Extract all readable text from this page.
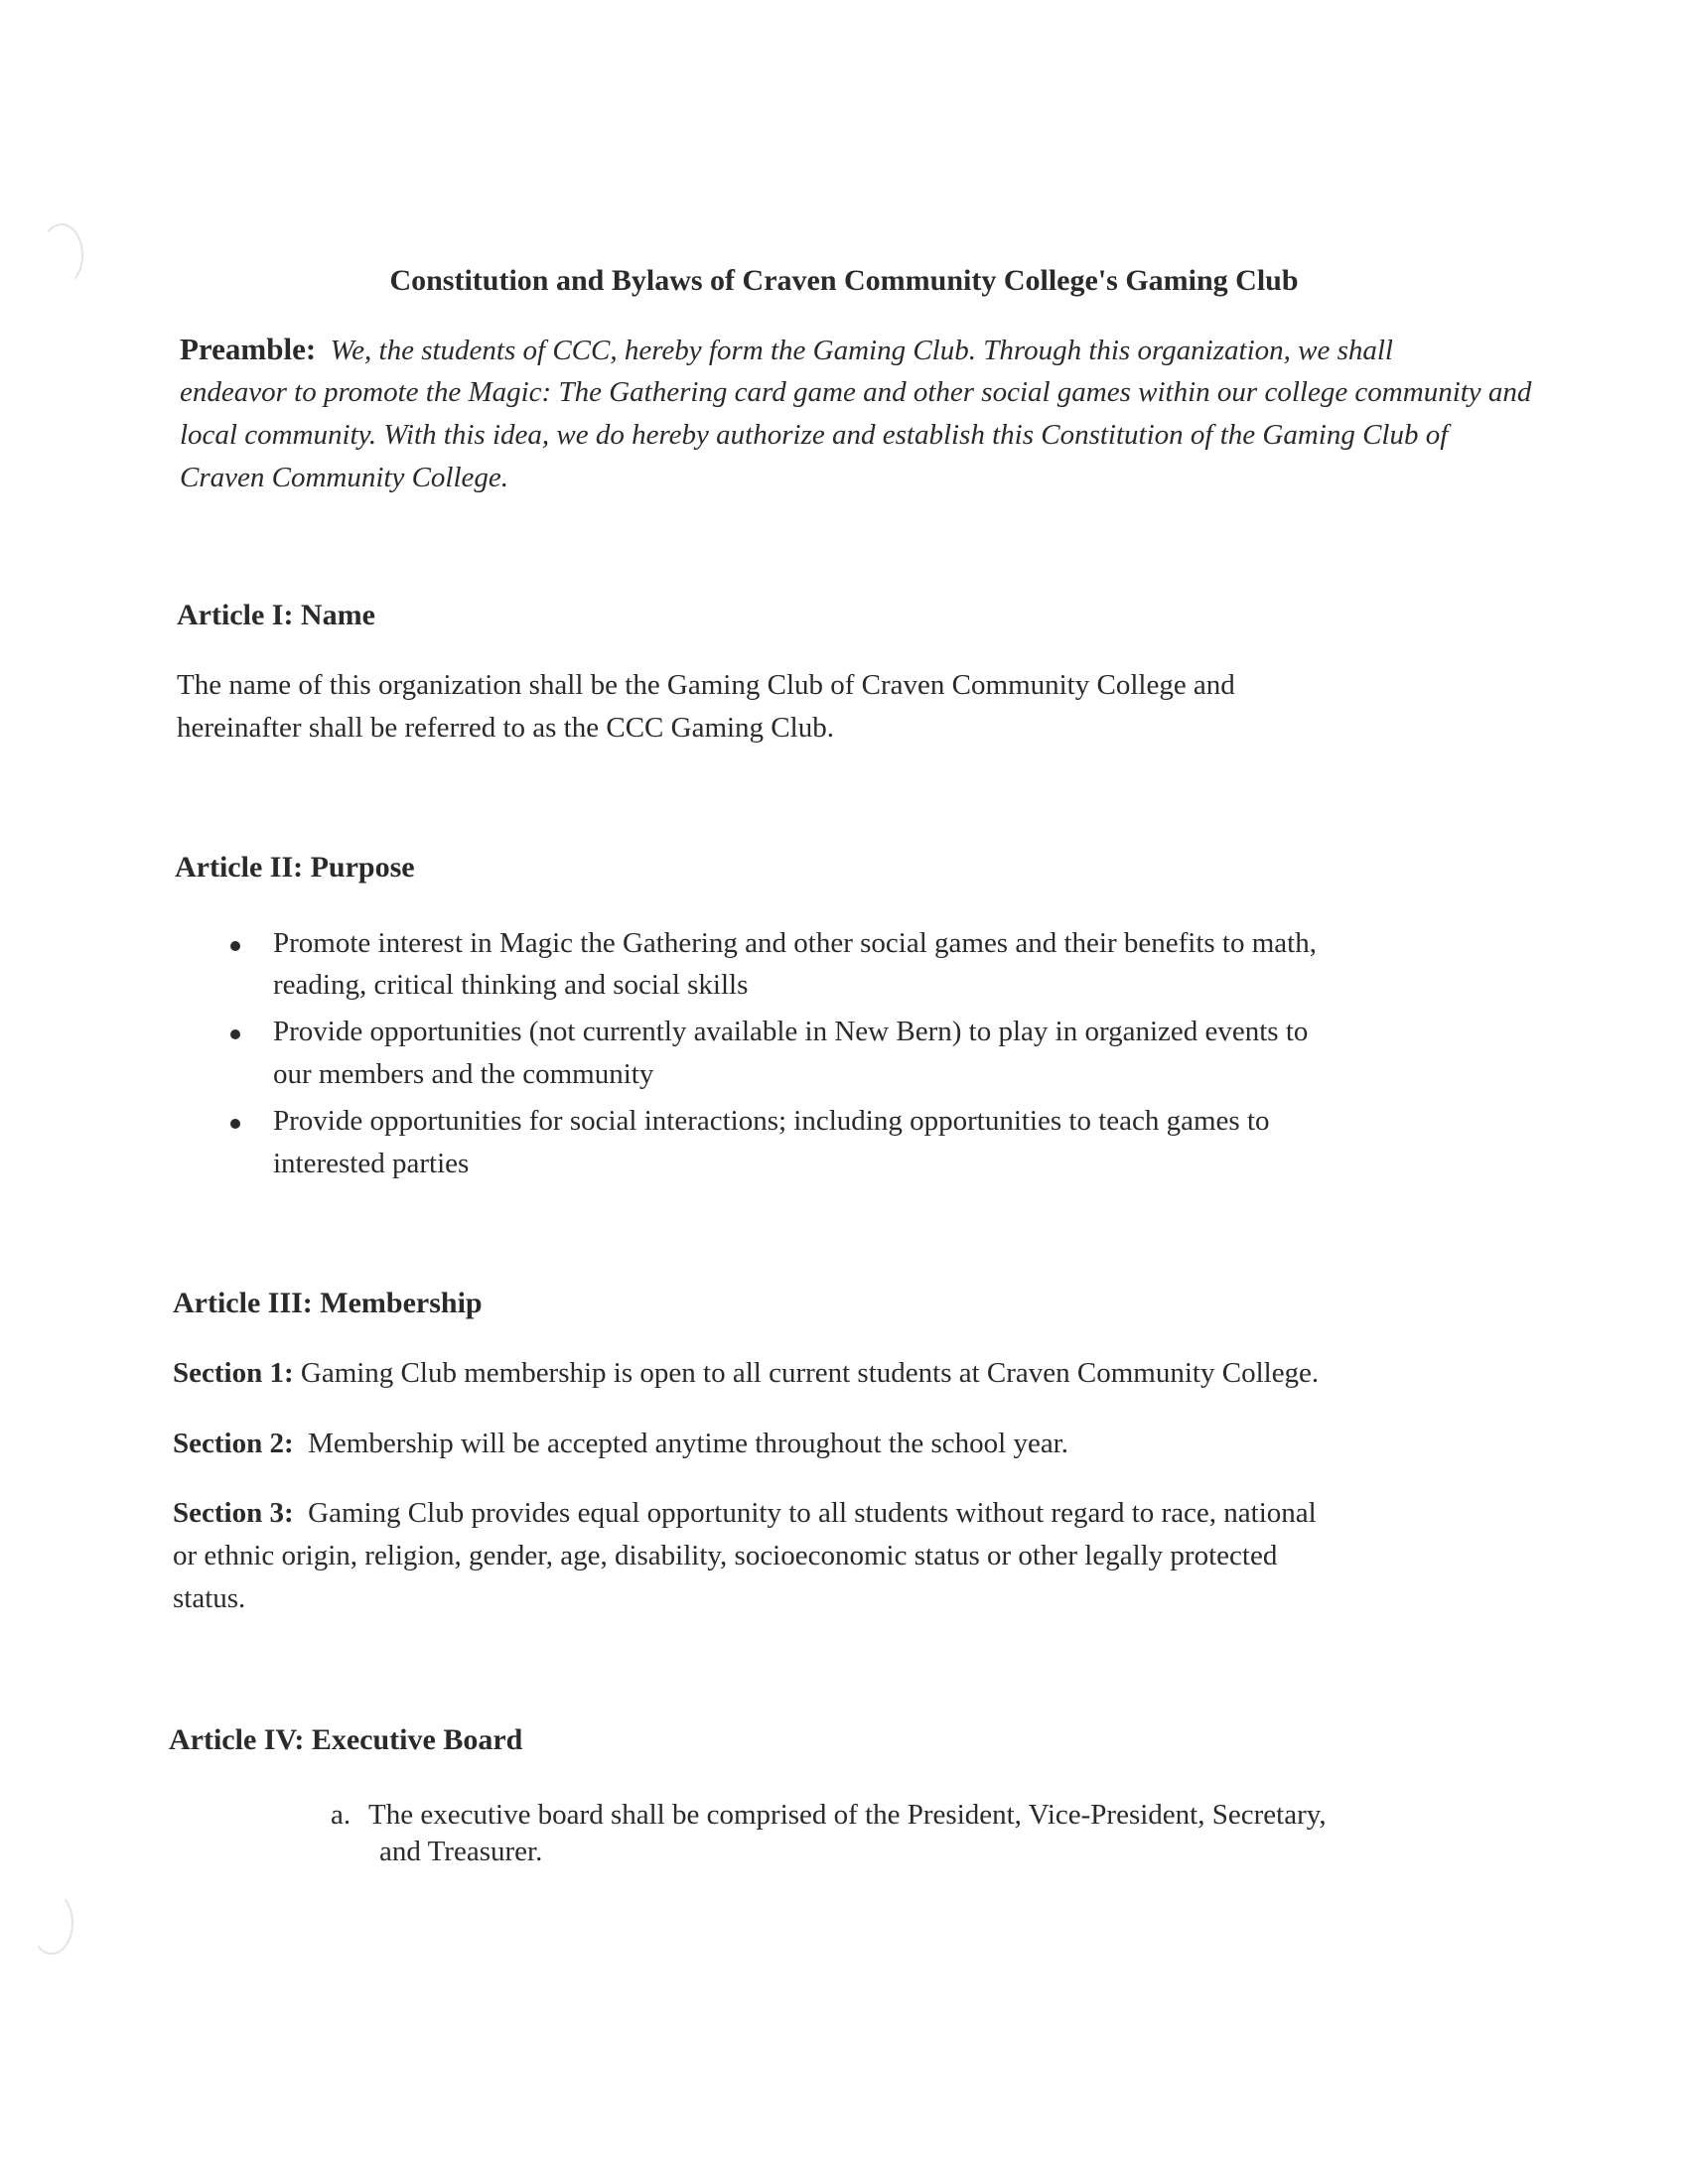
Constitution and Bylaws of Craven Community College's Gaming Club
Preamble: We, the students of CCC, hereby form the Gaming Club. Through this organization, we shall
endeavor to promote the Magic: The Gathering card game and other social games within our college community and
local community. With this idea, we do hereby authorize and establish this Constitution of the Gaming Club of
Craven Community College.
Article I: Name
The name of this organization shall be the Gaming Club of Craven Community College and
hereinafter shall be referred to as the CCC Gaming Club.
Article II: Purpose
Promote interest in Magic the Gathering and other social games and their benefits to math,
reading, critical thinking and social skills
Provide opportunities (not currently available in New Bern) to play in organized events to
our members and the community
Provide opportunities for social interactions; including opportunities to teach games to
interested parties
Article III: Membership
Section 1: Gaming Club membership is open to all current students at Craven Community College.
Section 2: Membership will be accepted anytime throughout the school year.
Section 3: Gaming Club provides equal opportunity to all students without regard to race, national
or ethnic origin, religion, gender, age, disability, socioeconomic status or other legally protected
status.
Article IV: Executive Board
a. The executive board shall be comprised of the President, Vice-President, Secretary,
and Treasurer.
